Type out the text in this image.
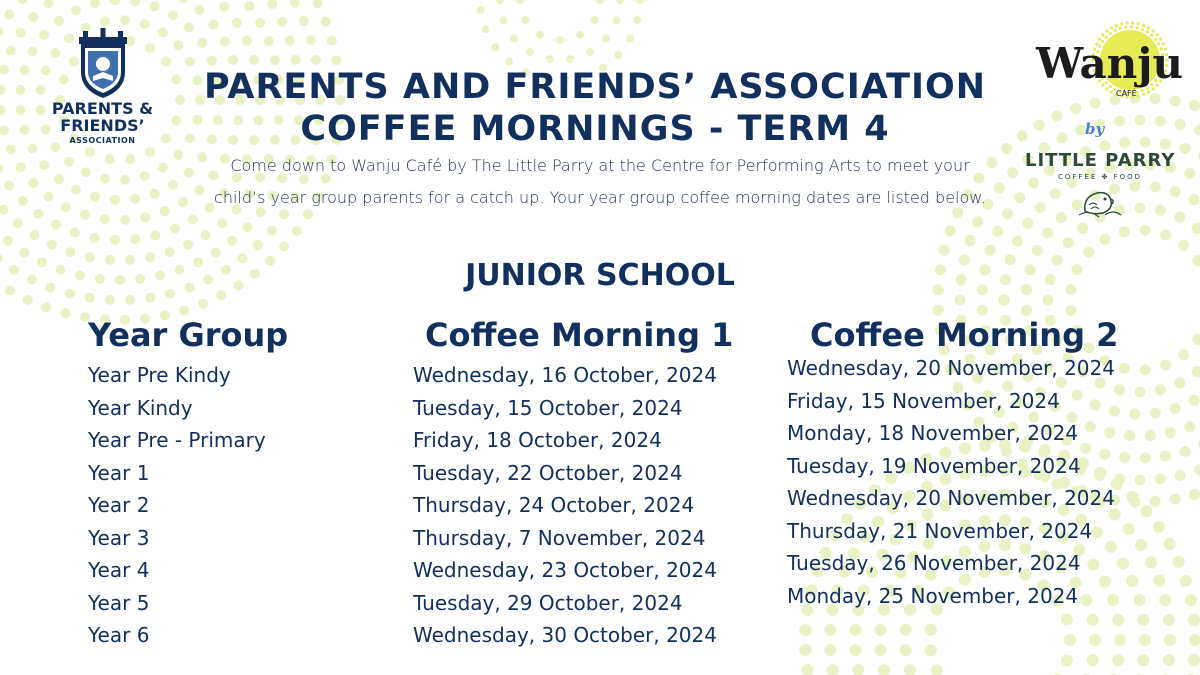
PARENTS &
FRIENDS’
ASSOCIATION
PARENTS AND FRIENDS’ ASSOCIATION
COFFEE MORNINGS - TERM 4
Come down to Wanju Café by The Little Parry at the Centre for Performing Arts to meet your
child’s year group parents for a catch up. Your year group coffee morning dates are listed below.
Wanju
CAFÉ
by
LITTLE PARRY
COFFEE ✤ FOOD
JUNIOR SCHOOL
Year Group	Coffee Morning 1 Coffee Morning 2
Year Pre Kindy
Year Kindy
Year Pre - Primary
Year 1
Year 2
Year 3
Year 4
Year 5
Year 6
Wednesday, 16 October, 2024
Tuesday, 15 October, 2024
Friday, 18 October, 2024
Tuesday, 22 October, 2024
Thursday, 24 October, 2024
Thursday, 7 November, 2024
Wednesday, 23 October, 2024
Tuesday, 29 October, 2024
Wednesday, 30 October, 2024
Wednesday, 20 November, 2024
Friday, 15 November, 2024
Monday, 18 November, 2024
Tuesday, 19 November, 2024
Wednesday, 20 November, 2024
Thursday, 21 November, 2024
Tuesday, 26 November, 2024
Monday, 25 November, 2024
